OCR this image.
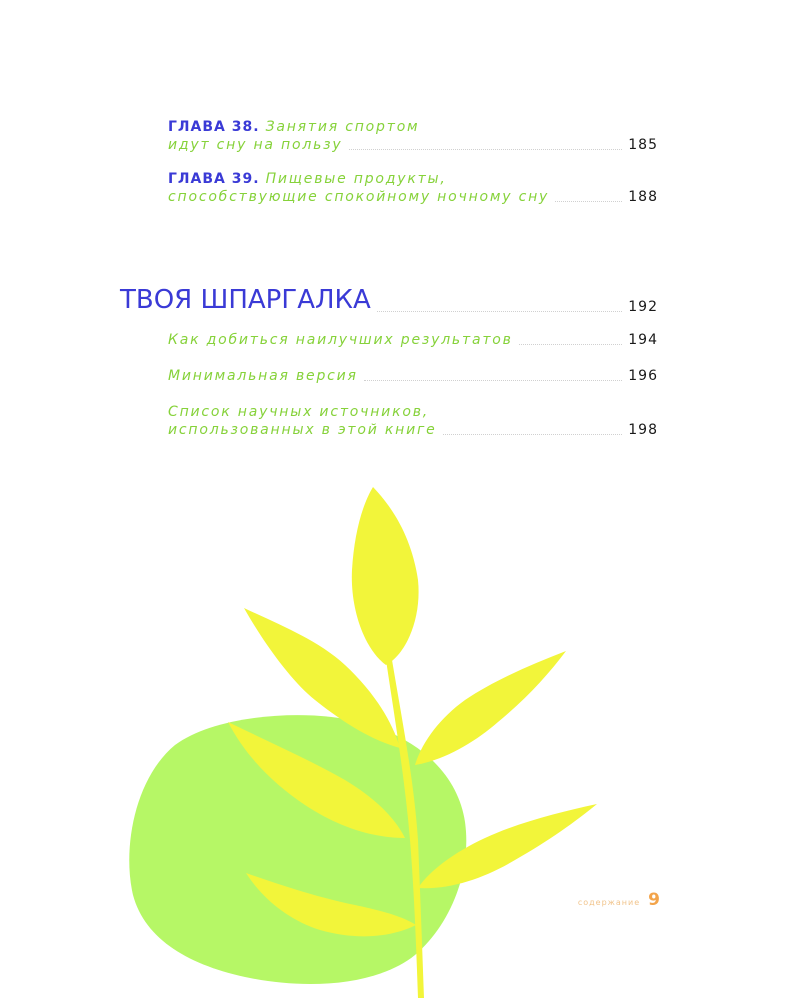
ГЛАВА 38. Занятия спортом
идут сну на пользу	185
ГЛАВА 39. Пищевые продукты,
способствующие спокойному ночному сну	188
ТВОЯ ШПАРГАЛКА	192
Как добиться наилучших результатов	194
Минимальная версия	196
Список научных источников,
использованных в этой книге	198
содержание 9
